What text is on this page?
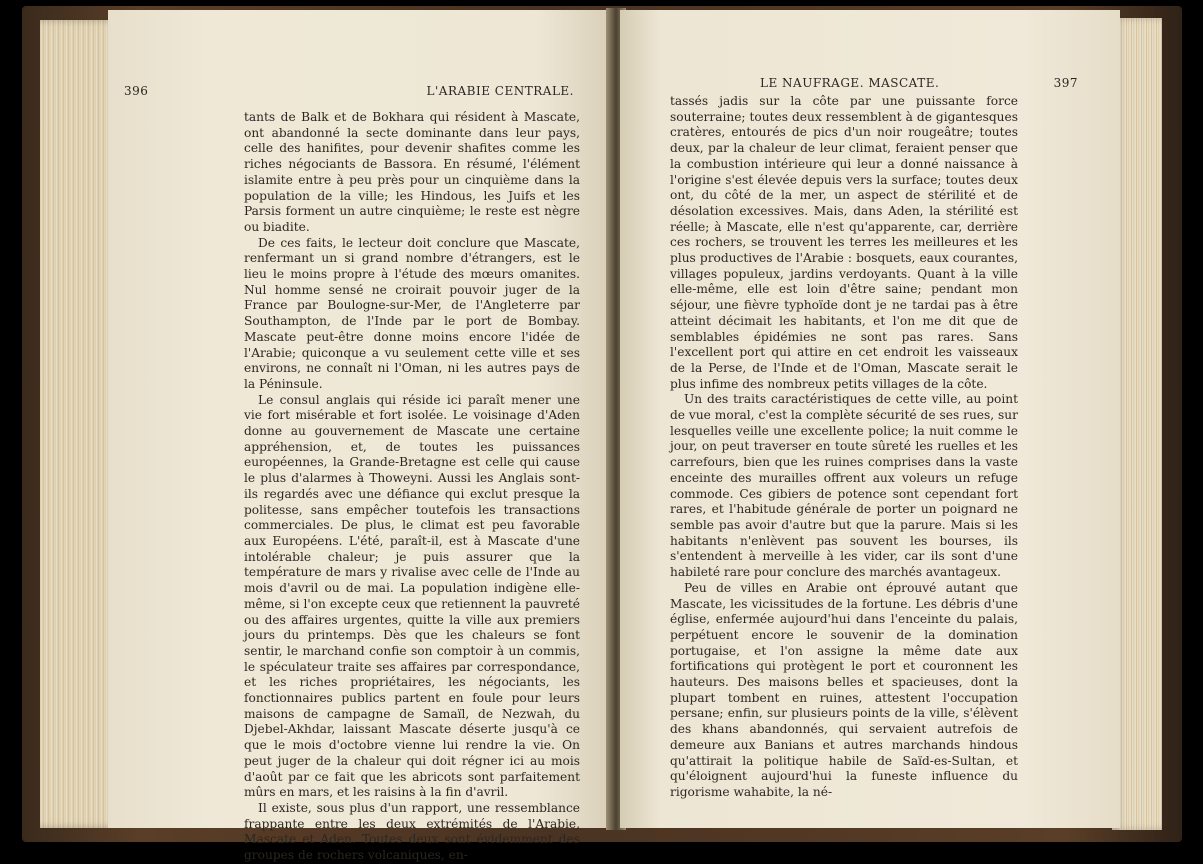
396	L'ARABIE CENTRALE.

tants de Balk et de Bokhara qui résident à Mascate, ont abandonné la secte dominante dans leur pays, celle des hanifites, pour devenir shafites comme les riches négociants de Bassora. En résumé, l'élément islamite entre à peu près pour un cinquième dans la population de la ville; les Hindous, les Juifs et les Parsis forment un autre cinquième; le reste est nègre ou biadite.

De ces faits, le lecteur doit conclure que Mascate, renfermant un si grand nombre d'étrangers, est le lieu le moins propre à l'étude des mœurs omanites. Nul homme sensé ne croirait pouvoir juger de la France par Boulogne-sur-Mer, de l'Angleterre par Southampton, de l'Inde par le port de Bombay. Mascate peut-être donne moins encore l'idée de l'Arabie; quiconque a vu seulement cette ville et ses environs, ne connaît ni l'Oman, ni les autres pays de la Péninsule.

Le consul anglais qui réside ici paraît mener une vie fort misérable et fort isolée. Le voisinage d'Aden donne au gouvernement de Mascate une certaine appréhension, et, de toutes les puissances européennes, la Grande-Bretagne est celle qui cause le plus d'alarmes à Thoweyni. Aussi les Anglais sont-ils regardés avec une défiance qui exclut presque la politesse, sans empêcher toutefois les transactions commerciales. De plus, le climat est peu favorable aux Européens. L'été, paraît-il, est à Mascate d'une intolérable chaleur; je puis assurer que la température de mars y rivalise avec celle de l'Inde au mois d'avril ou de mai. La population indigène elle-même, si l'on excepte ceux que retiennent la pauvreté ou des affaires urgentes, quitte la ville aux premiers jours du printemps. Dès que les chaleurs se font sentir, le marchand confie son comptoir à un commis, le spéculateur traite ses affaires par correspondance, et les riches propriétaires, les négociants, les fonctionnaires publics partent en foule pour leurs maisons de campagne de Samaïl, de Nezwah, du Djebel-Akhdar, laissant Mascate déserte jusqu'à ce que le mois d'octobre vienne lui rendre la vie. On peut juger de la chaleur qui doit régner ici au mois d'août par ce fait que les abricots sont parfaitement mûrs en mars, et les raisins à la fin d'avril.

Il existe, sous plus d'un rapport, une ressemblance frappante entre les deux extrémités de l'Arabie, Mascate et Aden. Toutes deux sont évidemment des groupes de rochers volcaniques, en-

LE NAUFRAGE. MASCATE.	397

tassés jadis sur la côte par une puissante force souterraine; toutes deux ressemblent à de gigantesques cratères, entourés de pics d'un noir rougeâtre; toutes deux, par la chaleur de leur climat, feraient penser que la combustion intérieure qui leur a donné naissance à l'origine s'est élevée depuis vers la surface; toutes deux ont, du côté de la mer, un aspect de stérilité et de désolation excessives. Mais, dans Aden, la stérilité est réelle; à Mascate, elle n'est qu'apparente, car, derrière ces rochers, se trouvent les terres les meilleures et les plus productives de l'Arabie : bosquets, eaux courantes, villages populeux, jardins verdoyants. Quant à la ville elle-même, elle est loin d'être saine; pendant mon séjour, une fièvre typhoïde dont je ne tardai pas à être atteint décimait les habitants, et l'on me dit que de semblables épidémies ne sont pas rares. Sans l'excellent port qui attire en cet endroit les vaisseaux de la Perse, de l'Inde et de l'Oman, Mascate serait le plus infime des nombreux petits villages de la côte.

Un des traits caractéristiques de cette ville, au point de vue moral, c'est la complète sécurité de ses rues, sur lesquelles veille une excellente police; la nuit comme le jour, on peut traverser en toute sûreté les ruelles et les carrefours, bien que les ruines comprises dans la vaste enceinte des murailles offrent aux voleurs un refuge commode. Ces gibiers de potence sont cependant fort rares, et l'habitude générale de porter un poignard ne semble pas avoir d'autre but que la parure. Mais si les habitants n'enlèvent pas souvent les bourses, ils s'entendent à merveille à les vider, car ils sont d'une habileté rare pour conclure des marchés avantageux.

Peu de villes en Arabie ont éprouvé autant que Mascate, les vicissitudes de la fortune. Les débris d'une église, enfermée aujourd'hui dans l'enceinte du palais, perpétuent encore le souvenir de la domination portugaise, et l'on assigne la même date aux fortifications qui protègent le port et couronnent les hauteurs. Des maisons belles et spacieuses, dont la plupart tombent en ruines, attestent l'occupation persane; enfin, sur plusieurs points de la ville, s'élèvent des khans abandonnés, qui servaient autrefois de demeure aux Banians et autres marchands hindous qu'attirait la politique habile de Saïd-es-Sultan, et qu'éloignent aujourd'hui la funeste influence du rigorisme wahabite, la né-
